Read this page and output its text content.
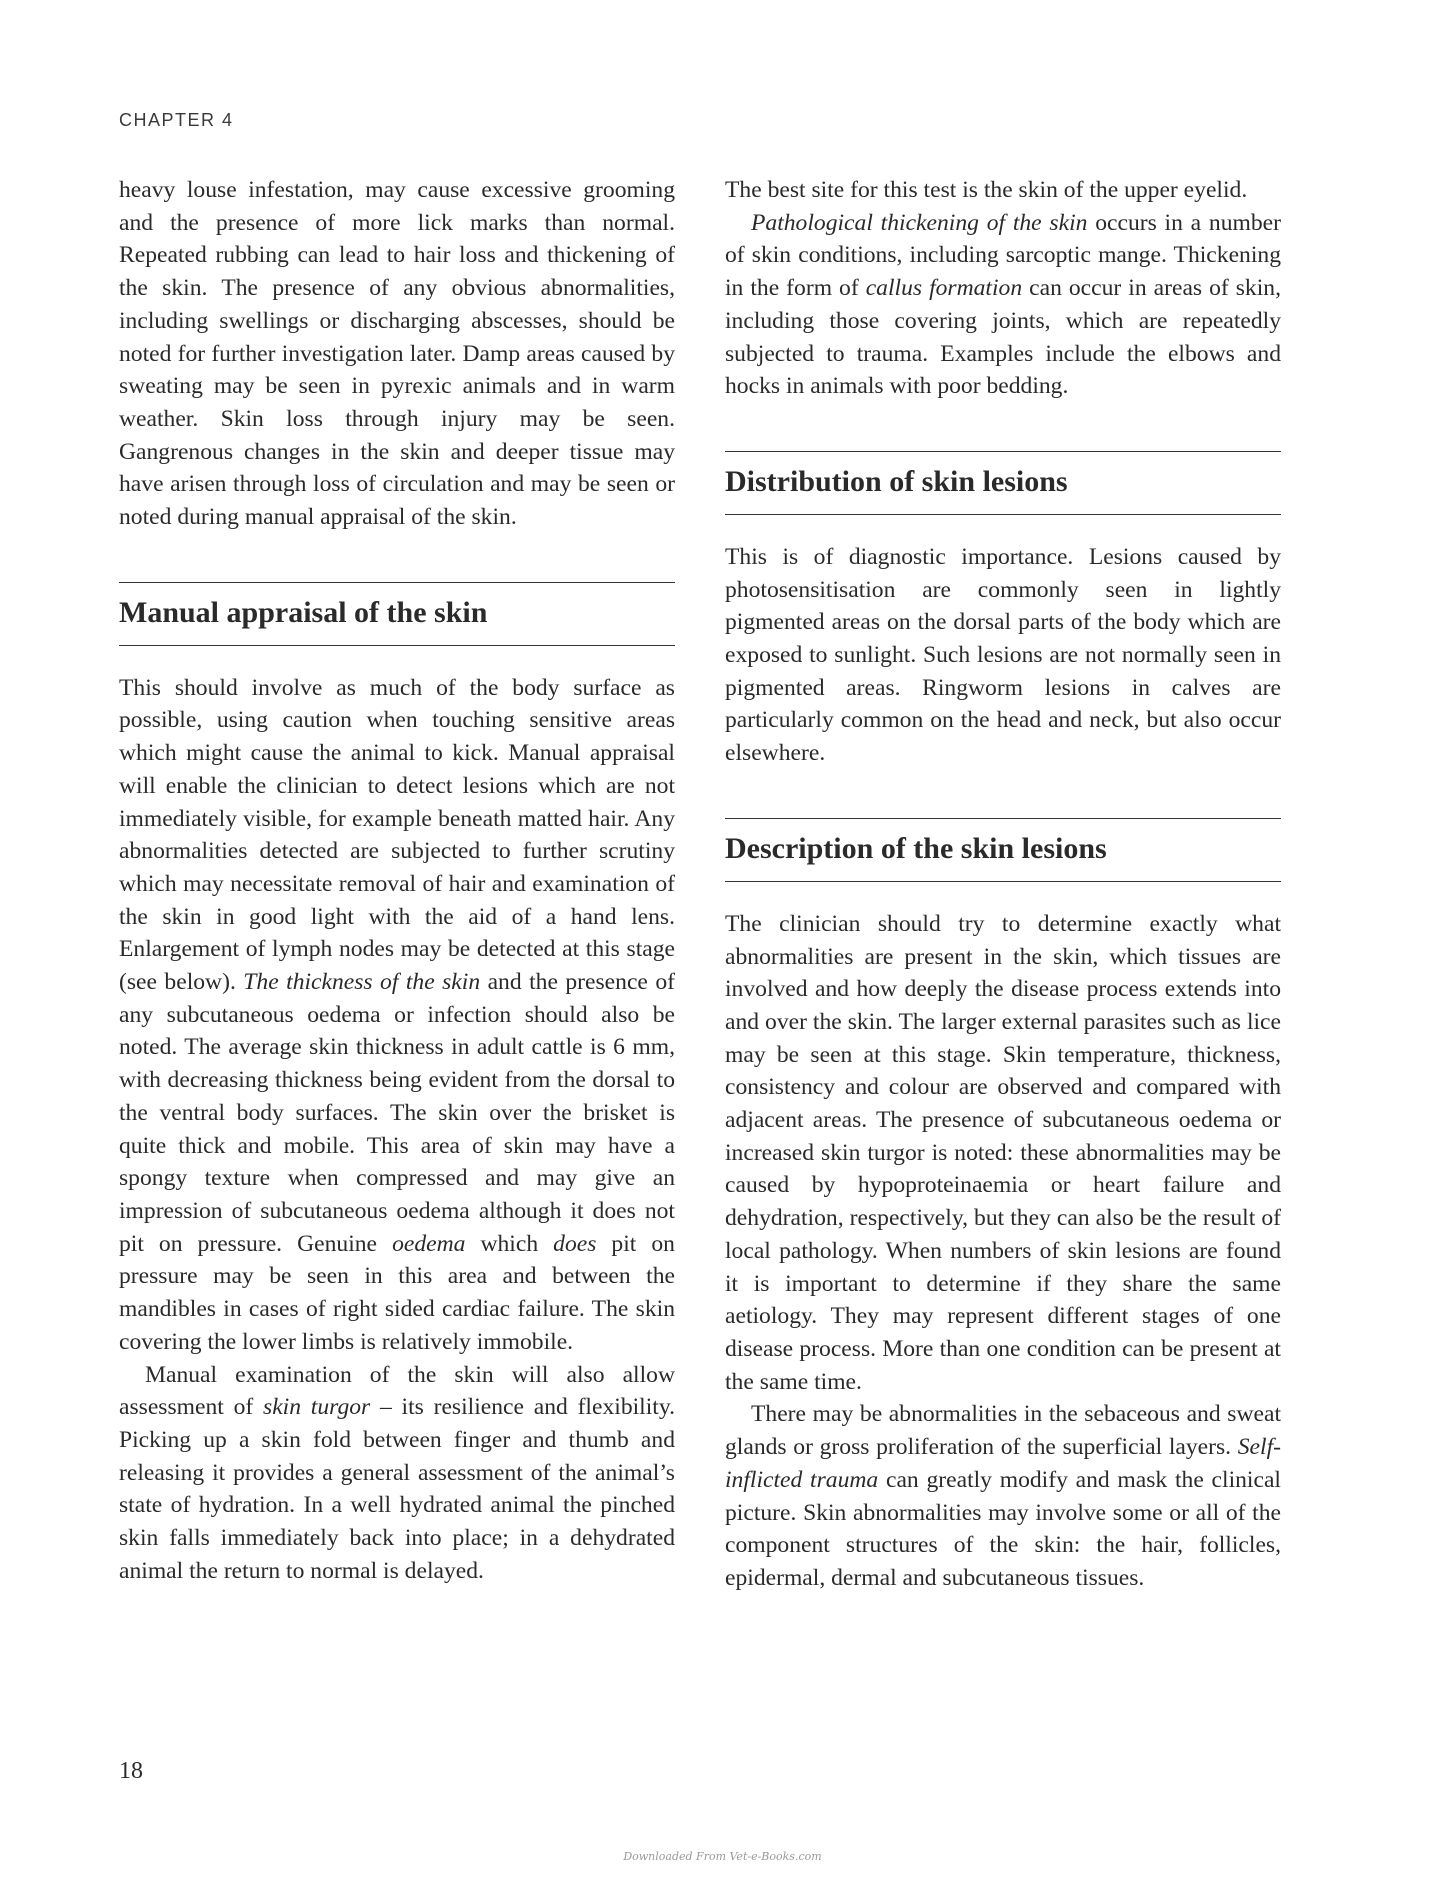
CHAPTER 4

heavy louse infestation, may cause excessive grooming and the presence of more lick marks than normal. Repeated rubbing can lead to hair loss and thickening of the skin. The presence of any obvious abnormalities, including swellings or discharging abscesses, should be noted for further investigation later. Damp areas caused by sweating may be seen in pyrexic animals and in warm weather. Skin loss through injury may be seen. Gangrenous changes in the skin and deeper tissue may have arisen through loss of circulation and may be seen or noted during manual appraisal of the skin.

Manual appraisal of the skin

This should involve as much of the body surface as possible, using caution when touching sensitive areas which might cause the animal to kick. Manual appraisal will enable the clinician to detect lesions which are not immediately visible, for example beneath matted hair. Any abnormalities detected are subjected to further scrutiny which may necessitate removal of hair and examination of the skin in good light with the aid of a hand lens. Enlargement of lymph nodes may be detected at this stage (see below). The thickness of the skin and the presence of any subcutaneous oedema or infection should also be noted. The average skin thickness in adult cattle is 6 mm, with decreasing thickness being evident from the dorsal to the ventral body surfaces. The skin over the brisket is quite thick and mobile. This area of skin may have a spongy texture when compressed and may give an impression of subcutaneous oedema although it does not pit on pressure. Genuine oedema which does pit on pressure may be seen in this area and between the mandibles in cases of right sided cardiac failure. The skin covering the lower limbs is relatively immobile.

Manual examination of the skin will also allow assessment of skin turgor – its resilience and flexibility. Picking up a skin fold between finger and thumb and releasing it provides a general assessment of the animal’s state of hydration. In a well hydrated animal the pinched skin falls immediately back into place; in a dehydrated animal the return to normal is delayed.

The best site for this test is the skin of the upper eyelid.

Pathological thickening of the skin occurs in a number of skin conditions, including sarcoptic mange. Thickening in the form of callus formation can occur in areas of skin, including those covering joints, which are repeatedly subjected to trauma. Examples include the elbows and hocks in animals with poor bedding.

Distribution of skin lesions

This is of diagnostic importance. Lesions caused by photosensitisation are commonly seen in lightly pigmented areas on the dorsal parts of the body which are exposed to sunlight. Such lesions are not normally seen in pigmented areas. Ringworm lesions in calves are particularly common on the head and neck, but also occur elsewhere.

Description of the skin lesions

The clinician should try to determine exactly what abnormalities are present in the skin, which tissues are involved and how deeply the disease process extends into and over the skin. The larger external parasites such as lice may be seen at this stage. Skin temperature, thickness, consistency and colour are observed and compared with adjacent areas. The presence of subcutaneous oedema or increased skin turgor is noted: these abnormalities may be caused by hypoproteinaemia or heart failure and dehydration, respectively, but they can also be the result of local pathology. When numbers of skin lesions are found it is important to determine if they share the same aetiology. They may represent different stages of one disease process. More than one condition can be present at the same time.

There may be abnormalities in the sebaceous and sweat glands or gross proliferation of the superficial layers. Self-inflicted trauma can greatly modify and mask the clinical picture. Skin abnormalities may involve some or all of the component structures of the skin: the hair, follicles, epidermal, dermal and subcutaneous tissues.

18
Downloaded From Vet-e-Books.com
